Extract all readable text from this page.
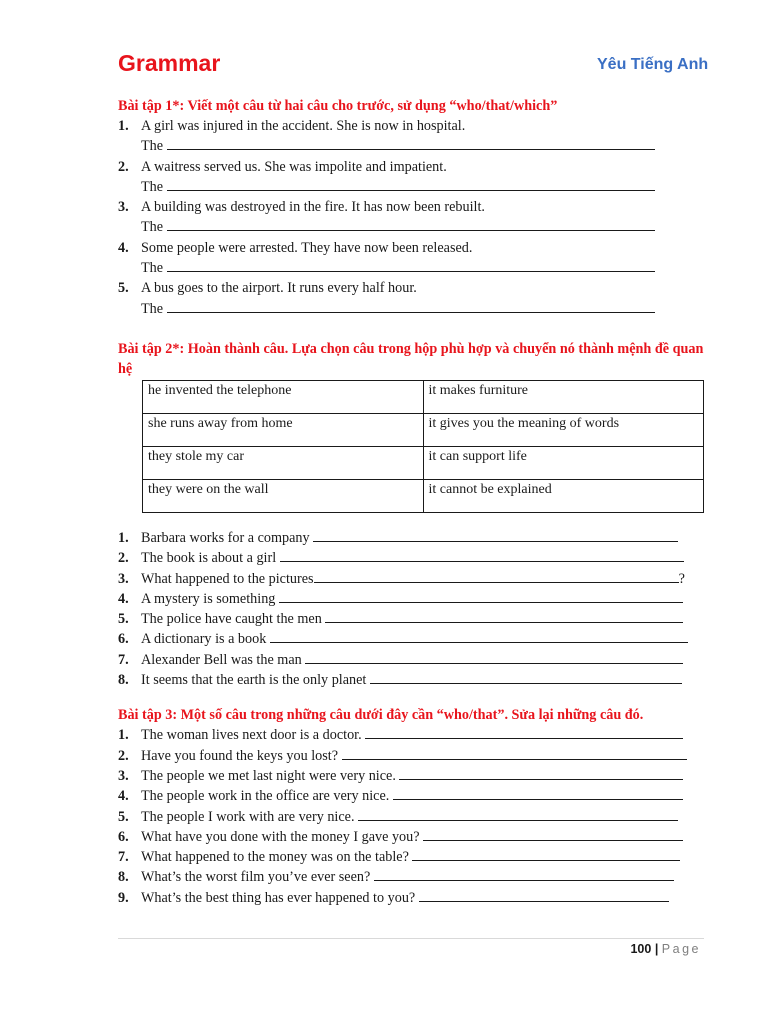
Grammar	Yêu Tiếng Anh
Bài tập 1*: Viết một câu từ hai câu cho trước, sử dụng “who/that/which”
1. A girl was injured in the accident. She is now in hospital.
The
2. A waitress served us. She was impolite and impatient.
The
3. A building was destroyed in the fire. It has now been rebuilt.
The
4. Some people were arrested. They have now been released.
The
5. A bus goes to the airport. It runs every half hour.
The
Bài tập 2*: Hoàn thành câu. Lựa chọn câu trong hộp phù hợp và chuyển nó thành mệnh đề quan hệ
he invented the telephone	it makes furniture
she runs away from home	it gives you the meaning of words
they stole my car	it can support life
they were on the wall	it cannot be explained
1. Barbara works for a company
2. The book is about a girl
3. What happened to the pictures	?
4. A mystery is something
5. The police have caught the men
6. A dictionary is a book
7. Alexander Bell was the man
8. It seems that the earth is the only planet
Bài tập 3: Một số câu trong những câu dưới đây cần “who/that”. Sửa lại những câu đó.
1. The woman lives next door is a doctor.
2. Have you found the keys you lost?
3. The people we met last night were very nice.
4. The people work in the office are very nice.
5. The people I work with are very nice.
6. What have you done with the money I gave you?
7. What happened to the money was on the table?
8. What’s the worst film you’ve ever seen?
9. What’s the best thing has ever happened to you?
100 | Page
